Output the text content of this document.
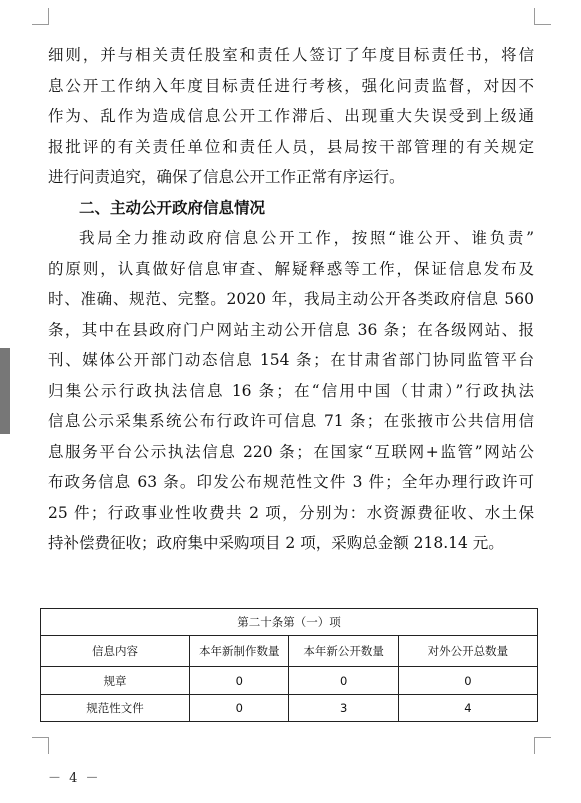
细则，并与相关责任股室和责任人签订了年度目标责任书，将信
息公开工作纳入年度目标责任进行考核，强化问责监督，对因不
作为、乱作为造成信息公开工作滞后、出现重大失误受到上级通
报批评的有关责任单位和责任人员，县局按干部管理的有关规定
进行问责追究，确保了信息公开工作正常有序运行。
二、主动公开政府信息情况
我局全力推动政府信息公开工作，按照“谁公开、谁负责”
的原则，认真做好信息审查、解疑释惑等工作，保证信息发布及
时、准确、规范、完整。2020 年，我局主动公开各类政府信息 560
条，其中在县政府门户网站主动公开信息 36 条；在各级网站、报
刊、媒体公开部门动态信息 154 条；在甘肃省部门协同监管平台
归集公示行政执法信息 16 条；在“信用中国（甘肃）”行政执法
信息公示采集系统公布行政许可信息 71 条；在张掖市公共信用信
息服务平台公示执法信息 220 条；在国家“互联网+监管”网站公
布政务信息 63 条。印发公布规范性文件 3 件；全年办理行政许可
25 件；行政事业性收费共 2 项，分别为：水资源费征收、水土保
持补偿费征收；政府集中采购项目 2 项，采购总金额 218.14 元。
第二十条第（一）项			
信息内容	本年新制作数量	本年新公开数量	对外公开总数量
规章	0	0	0
规范性文件	0	3	4
－ 4 －
